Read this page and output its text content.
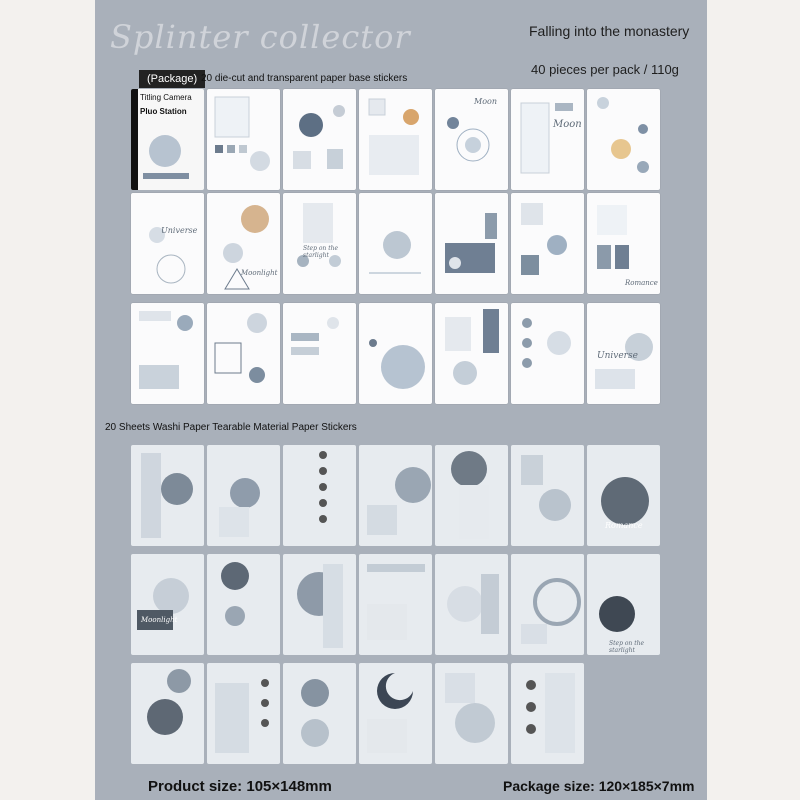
Splinter collector	Falling into the monastery
40 pieces per pack / 110g
(Package) 20 die-cut and transparent paper base stickers
Titling Camera
Pluo Station
Moon
Moon
Universe
Moonlight
Step on the starlight
Romance
Universe
20 Sheets Washi Paper Tearable Material Paper Stickers
Romance
Moonlight
Step on the starlight
Product size: 105×148mm	Package size: 120×185×7mm
